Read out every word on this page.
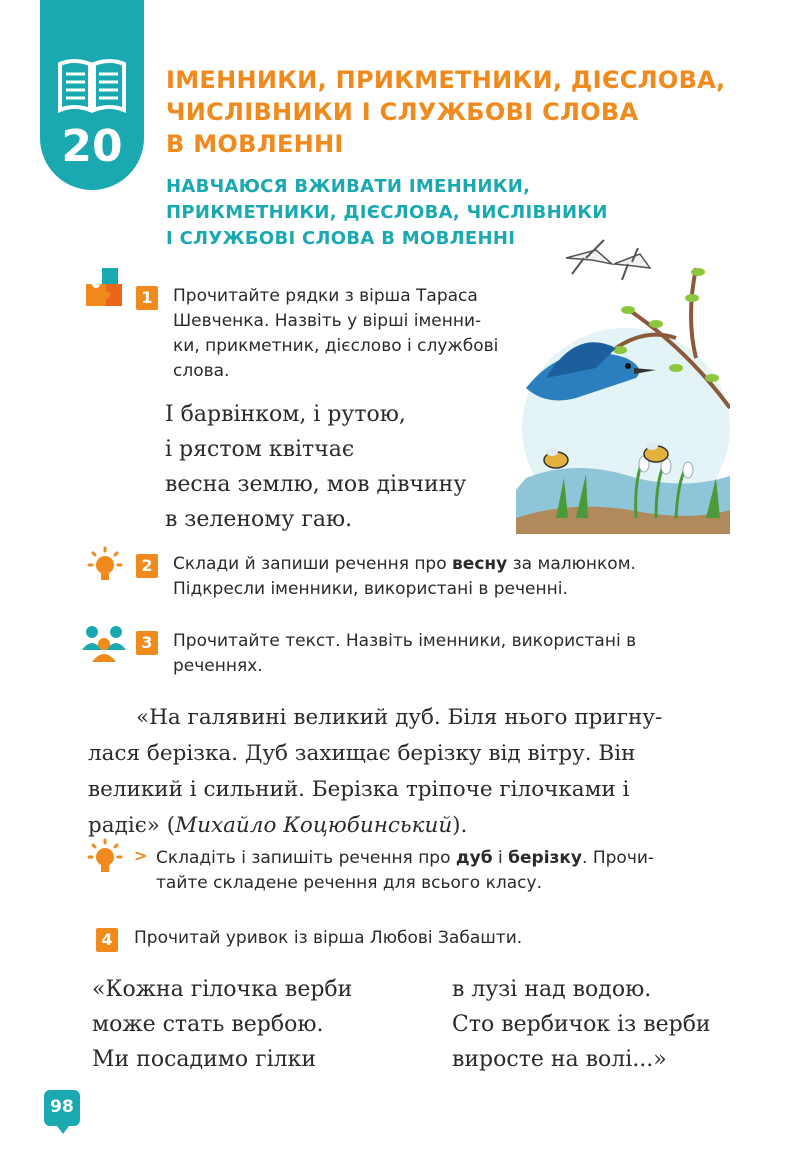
20
ІМЕННИКИ, ПРИКМЕТНИКИ, ДІЄСЛОВА,
ЧИСЛІВНИКИ І СЛУЖБОВІ СЛОВА
В МОВЛЕННІ
НАВЧАЮСЯ ВЖИВАТИ ІМЕННИКИ,
ПРИКМЕТНИКИ, ДІЄСЛОВА, ЧИСЛІВНИКИ
І СЛУЖБОВІ СЛОВА В МОВЛЕННІ
1	Прочитайте рядки з вірша Тараса
Шевченка. Назвіть у вірші іменни-
ки, прикметник, дієслово і службові
слова.
І барвінком, і рутою,
і рястом квітчає
весна землю, мов дівчину
в зеленому гаю.
2	Склади й запиши речення про весну за малюнком.
Підкресли іменники, використані в реченні.
3	Прочитайте текст. Назвіть іменники, використані в
реченнях.
«На галявині великий дуб. Біля нього пригну-
лася берізка. Дуб захищає берізку від вітру. Він
великий і сильний. Берізка тріпоче гілочками і
радіє» (Михайло Коцюбинський).
> Складіть і запишіть речення про дуб і берізку. Прочи-
тайте складене речення для всього класу.
4	Прочитай уривок із вірша Любові Забашти.
«Кожна гілочка верби
може стать вербою.
Ми посадимо гілки
в лузі над водою.
Сто вербичок із верби
виросте на волі...»
98
